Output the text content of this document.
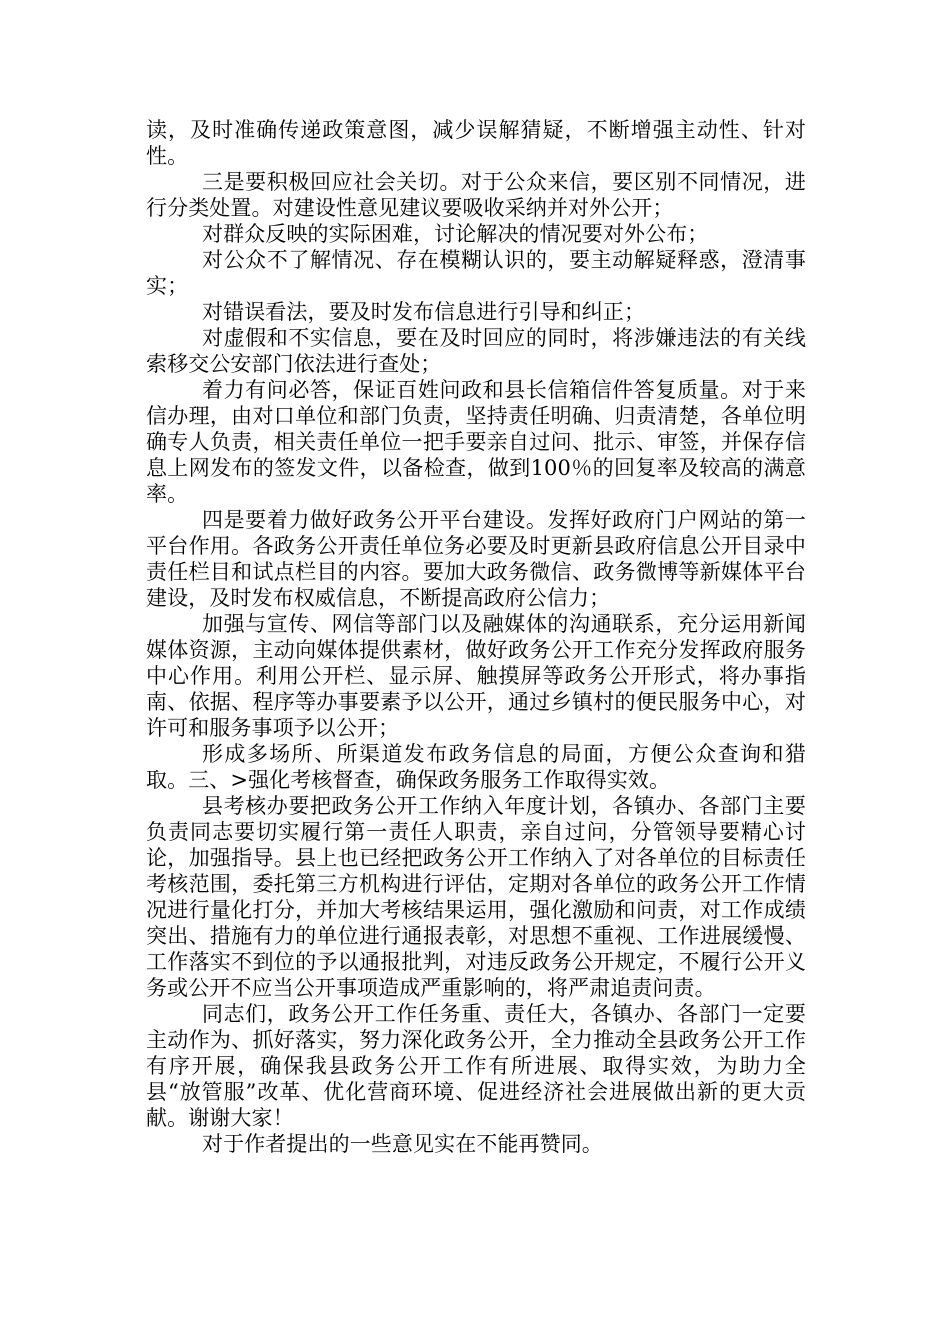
读，及时准确传递政策意图，减少误解猜疑，不断增强主动性、针对性。

三是要积极回应社会关切。对于公众来信，要区别不同情况，进行分类处置。对建设性意见建议要吸收采纳并对外公开；

对群众反映的实际困难，讨论解决的情况要对外公布；

对公众不了解情况、存在模糊认识的，要主动解疑释惑，澄清事实；

对错误看法，要及时发布信息进行引导和纠正；

对虚假和不实信息，要在及时回应的同时，将涉嫌违法的有关线索移交公安部门依法进行查处；

着力有问必答，保证百姓问政和县长信箱信件答复质量。对于来信办理，由对口单位和部门负责，坚持责任明确、归责清楚，各单位明确专人负责，相关责任单位一把手要亲自过问、批示、审签，并保存信息上网发布的签发文件，以备检查，做到100％的回复率及较高的满意率。

四是要着力做好政务公开平台建设。发挥好政府门户网站的第一平台作用。各政务公开责任单位务必要及时更新县政府信息公开目录中责任栏目和试点栏目的内容。要加大政务微信、政务微博等新媒体平台建设，及时发布权威信息，不断提高政府公信力；

加强与宣传、网信等部门以及融媒体的沟通联系，充分运用新闻媒体资源，主动向媒体提供素材，做好政务公开工作充分发挥政府服务中心作用。利用公开栏、显示屏、触摸屏等政务公开形式，将办事指南、依据、程序等办事要素予以公开，通过乡镇村的便民服务中心，对许可和服务事项予以公开；

形成多场所、所渠道发布政务信息的局面，方便公众查询和猎取。三、>强化考核督查，确保政务服务工作取得实效。

县考核办要把政务公开工作纳入年度计划，各镇办、各部门主要负责同志要切实履行第一责任人职责，亲自过问，分管领导要精心讨论，加强指导。县上也已经把政务公开工作纳入了对各单位的目标责任考核范围，委托第三方机构进行评估，定期对各单位的政务公开工作情况进行量化打分，并加大考核结果运用，强化激励和问责，对工作成绩突出、措施有力的单位进行通报表彰，对思想不重视、工作进展缓慢、工作落实不到位的予以通报批判，对违反政务公开规定，不履行公开义务或公开不应当公开事项造成严重影响的，将严肃追责问责。

同志们，政务公开工作任务重、责任大，各镇办、各部门一定要主动作为、抓好落实，努力深化政务公开，全力推动全县政务公开工作有序开展，确保我县政务公开工作有所进展、取得实效，为助力全县“放管服”改革、优化营商环境、促进经济社会进展做出新的更大贡献。谢谢大家！

对于作者提出的一些意见实在不能再赞同。
